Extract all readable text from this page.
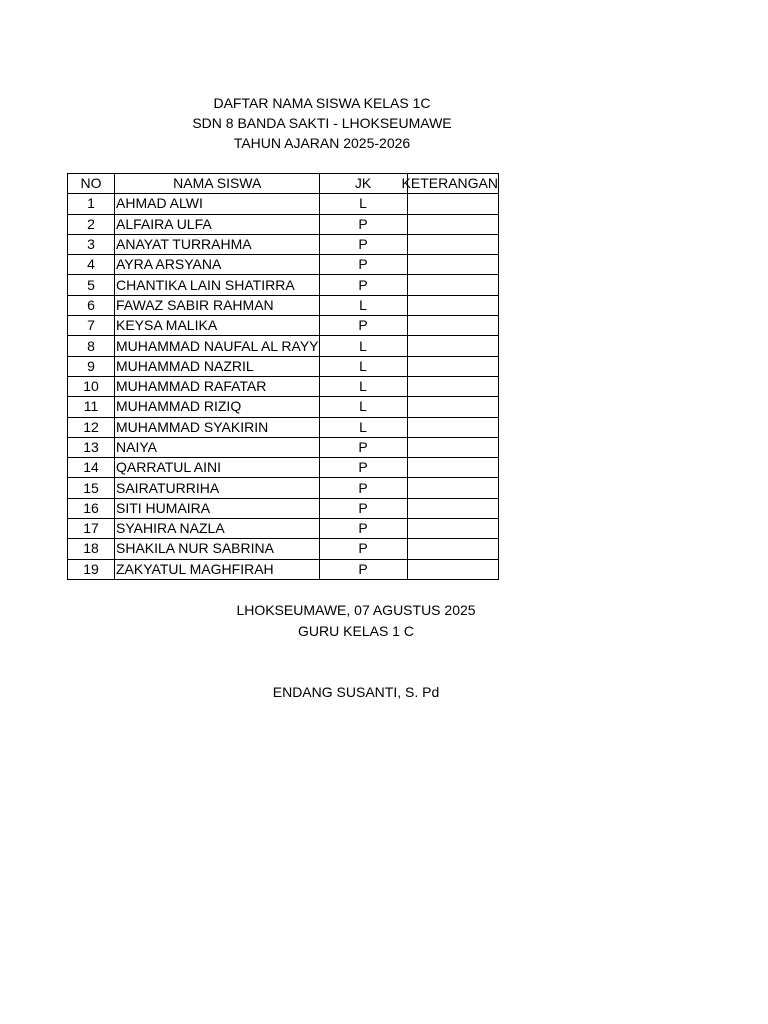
DAFTAR NAMA SISWA KELAS 1C
SDN 8 BANDA SAKTI - LHOKSEUMAWE
TAHUN AJARAN 2025-2026
NO	NAMA SISWA	JK	KETERANGAN
1	AHMAD ALWI	L	
2	ALFAIRA ULFA	P	
3	ANAYAT TURRAHMA	P	
4	AYRA ARSYANA	P	
5	CHANTIKA LAIN SHATIRRA	P	
6	FAWAZ SABIR RAHMAN	L	
7	KEYSA MALIKA	P	
8	MUHAMMAD NAUFAL AL RAYY	L	
9	MUHAMMAD NAZRIL	L	
10	MUHAMMAD RAFATAR	L	
11	MUHAMMAD RIZIQ	L	
12	MUHAMMAD SYAKIRIN	L	
13	NAIYA	P	
14	QARRATUL AINI	P	
15	SAIRATURRIHA	P	
16	SITI HUMAIRA	P	
17	SYAHIRA NAZLA	P	
18	SHAKILA NUR SABRINA	P	
19	ZAKYATUL MAGHFIRAH	P	
LHOKSEUMAWE, 07 AGUSTUS 2025
GURU KELAS 1 C
ENDANG SUSANTI, S. Pd
